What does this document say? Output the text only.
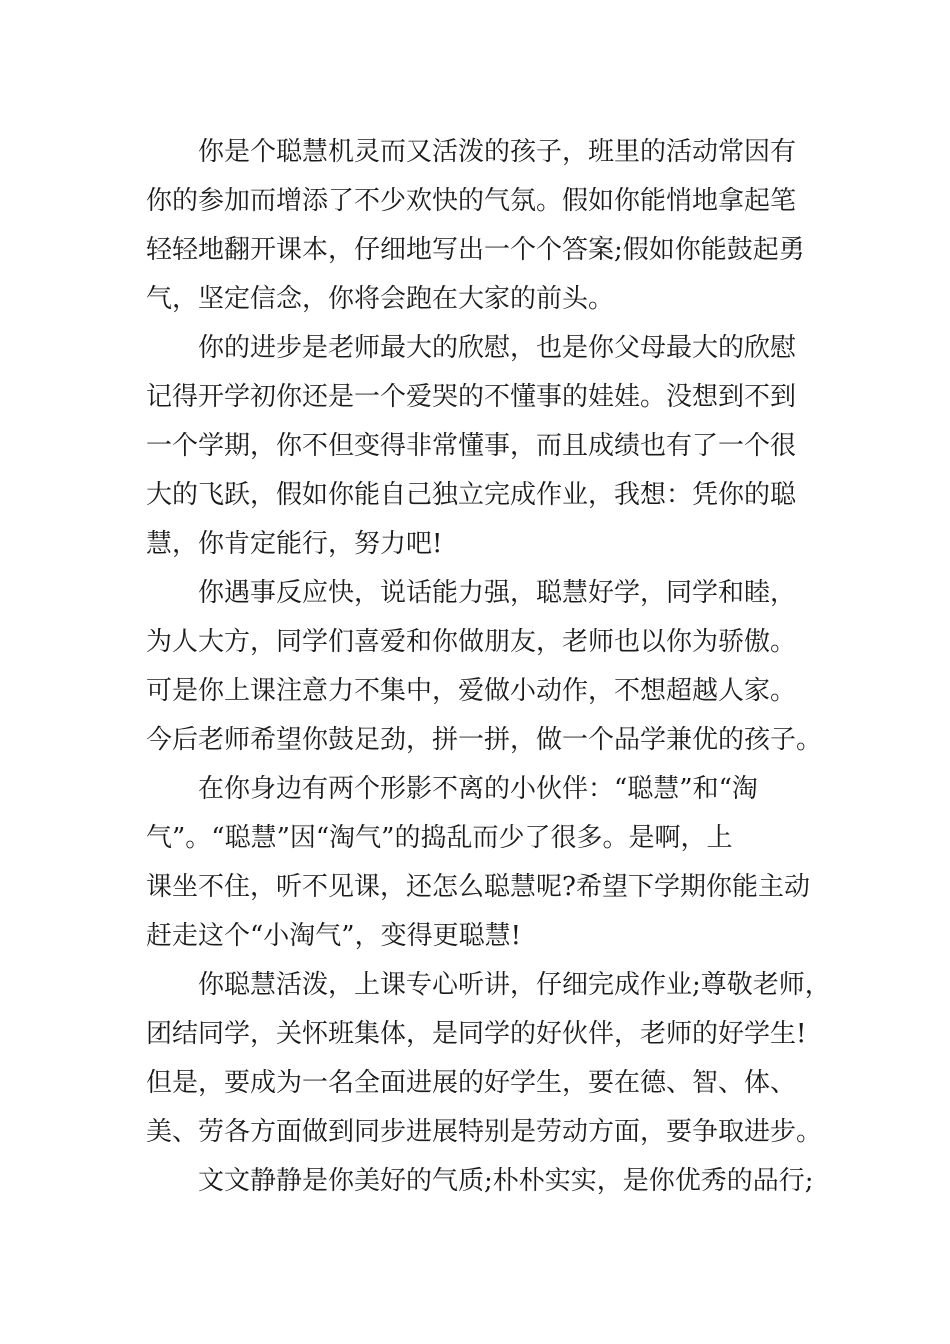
你是个聪慧机灵而又活泼的孩子，班里的活动常因有
你的参加而增添了不少欢快的气氛。假如你能悄地拿起笔
轻轻地翻开课本，仔细地写出一个个答案;假如你能鼓起勇
气，坚定信念，你将会跑在大家的前头。
你的进步是老师最大的欣慰，也是你父母最大的欣慰
记得开学初你还是一个爱哭的不懂事的娃娃。没想到不到
一个学期，你不但变得非常懂事，而且成绩也有了一个很
大的飞跃，假如你能自己独立完成作业，我想：凭你的聪
慧，你肯定能行，努力吧!
你遇事反应快，说话能力强，聪慧好学，同学和睦，
为人大方，同学们喜爱和你做朋友，老师也以你为骄傲。
可是你上课注意力不集中，爱做小动作，不想超越人家。
今后老师希望你鼓足劲，拼一拼，做一个品学兼优的孩子。
在你身边有两个形影不离的小伙伴：“聪慧”和“淘
气”。“聪慧”因“淘气”的捣乱而少了很多。是啊，上
课坐不住，听不见课，还怎么聪慧呢?希望下学期你能主动
赶走这个“小淘气”，变得更聪慧!
你聪慧活泼，上课专心听讲，仔细完成作业;尊敬老师，
团结同学，关怀班集体，是同学的好伙伴，老师的好学生!
但是，要成为一名全面进展的好学生，要在德、智、体、
美、劳各方面做到同步进展特别是劳动方面，要争取进步。
文文静静是你美好的气质;朴朴实实，是你优秀的品行;
